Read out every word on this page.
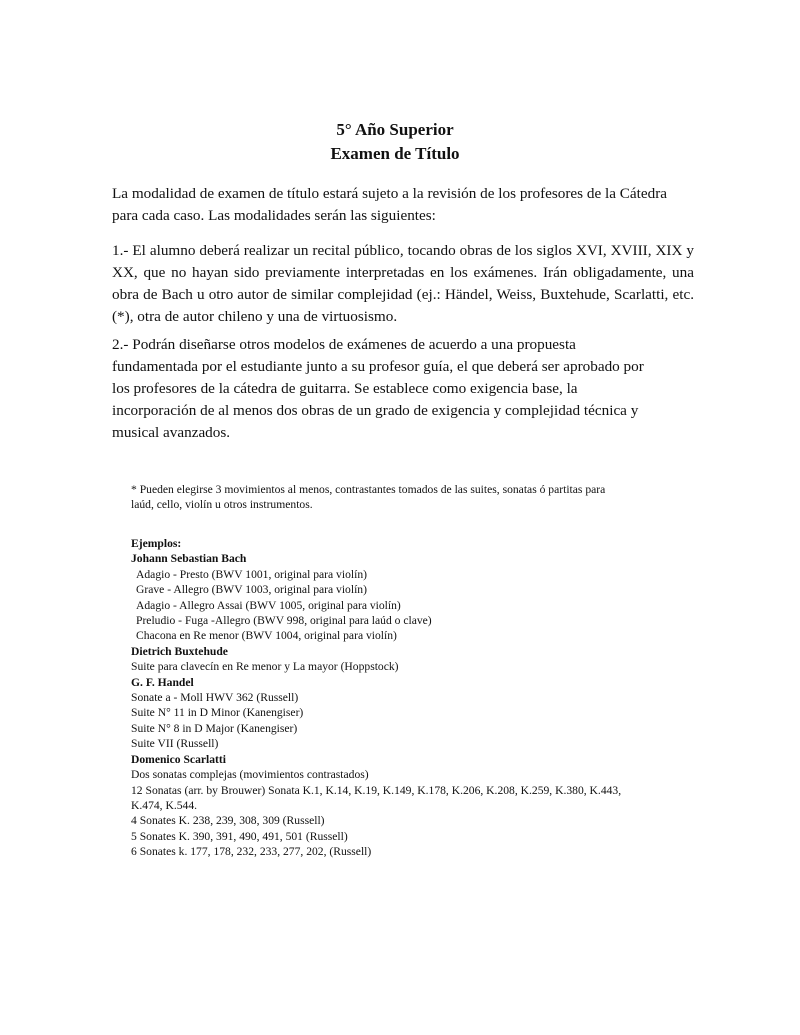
5° Año Superior
Examen de Título
La modalidad de examen de título estará sujeto a la revisión de los profesores de la Cátedra para cada caso. Las modalidades serán las siguientes:
1.- El alumno deberá realizar un recital público, tocando obras de los siglos XVI, XVIII, XIX y XX, que no hayan sido previamente interpretadas en los exámenes. Irán obligadamente, una obra de Bach u otro autor de similar complejidad (ej.: Händel, Weiss, Buxtehude, Scarlatti, etc. (*), otra de autor chileno y una de virtuosismo.
2.- Podrán diseñarse otros modelos de exámenes de acuerdo a una propuesta
fundamentada por el estudiante junto a su profesor guía, el que deberá ser aprobado por
los profesores de la cátedra de guitarra. Se establece como exigencia base, la
incorporación de al menos dos obras de un grado de exigencia y complejidad técnica y
musical avanzados.
* Pueden elegirse 3 movimientos al menos, contrastantes tomados de las suites, sonatas ó partitas para
laúd, cello, violín u otros instrumentos.
Ejemplos:
Johann Sebastian Bach
Adagio - Presto (BWV 1001, original para violín)
Grave - Allegro (BWV 1003, original para violín)
Adagio - Allegro Assai (BWV 1005, original para violín)
Preludio - Fuga -Allegro (BWV 998, original para laúd o clave)
Chacona en Re menor (BWV 1004, original para violín)
Dietrich Buxtehude
Suite para clavecín en Re menor y La mayor (Hoppstock)
G. F. Handel
Sonate a - Moll HWV 362 (Russell)
Suite N° 11 in D Minor (Kanengiser)
Suite N° 8 in D Major (Kanengiser)
Suite VII (Russell)
Domenico Scarlatti
Dos sonatas complejas (movimientos contrastados)
12 Sonatas (arr. by Brouwer) Sonata K.1, K.14, K.19, K.149, K.178, K.206, K.208, K.259, K.380, K.443,
K.474, K.544.
4 Sonates K. 238, 239, 308, 309 (Russell)
5 Sonates K. 390, 391, 490, 491, 501 (Russell)
6 Sonates k. 177, 178, 232, 233, 277, 202, (Russell)
